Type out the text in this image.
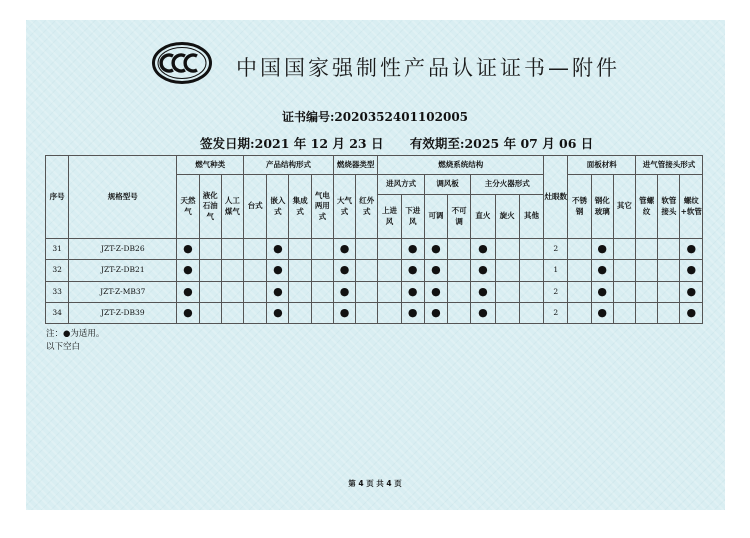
中国国家强制性产品认证证书—附件
证书编号:2020352401102005
签发日期:2021 年 12 月 23 日 有效期至:2025 年 07 月 06 日
序号	规格型号	燃气种类			产品结构形式				燃烧器类型		燃烧系统结构							灶眼数	面板材料			进气管接头形式		
		天然气	液化石油气	人工煤气	台式	嵌入式	集成式	气电两用式	大气式	红外式	进风方式		调风板		主分火器形式				不锈钢	钢化玻璃	其它	管螺纹	软管接头	螺纹+软管
											上进风	下进风	可调	不可调	直火	旋火	其他							

31	JZT-Z-DB26	●				●			●			●	●		●			2		●				●
32	JZT-Z-DB21	●				●			●			●	●		●			1		●				●
33	JZT-Z-MB37	●				●			●			●	●		●			2		●				●
34	JZT-Z-DB39	●				●			●			●	●		●			2		●				●
注：●为适用。
以下空白
第 4 页 共 4 页
